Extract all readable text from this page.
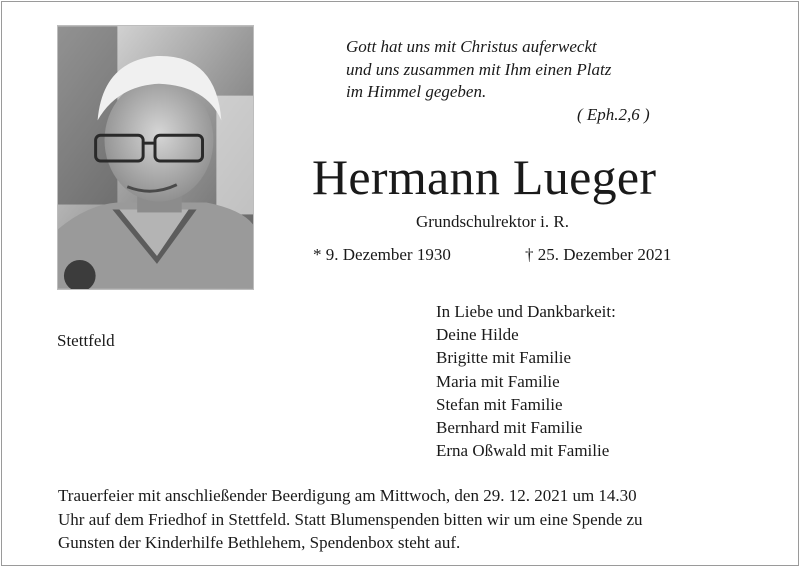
Gott hat uns mit Christus auferweckt
und uns zusammen mit Ihm einen Platz
im Himmel gegeben.
( Eph.2,6 )
Hermann Lueger
Grundschulrektor i. R.
* 9. Dezember 1930	† 25. Dezember 2021
Stettfeld
In Liebe und Dankbarkeit:
Deine Hilde
Brigitte mit Familie
Maria mit Familie
Stefan mit Familie
Bernhard mit Familie
Erna Oßwald mit Familie
Trauerfeier mit anschließender Beerdigung am Mittwoch, den 29. 12. 2021 um 14.30
Uhr auf dem Friedhof in Stettfeld. Statt Blumenspenden bitten wir um eine Spende zu
Gunsten der Kinderhilfe Bethlehem, Spendenbox steht auf.
